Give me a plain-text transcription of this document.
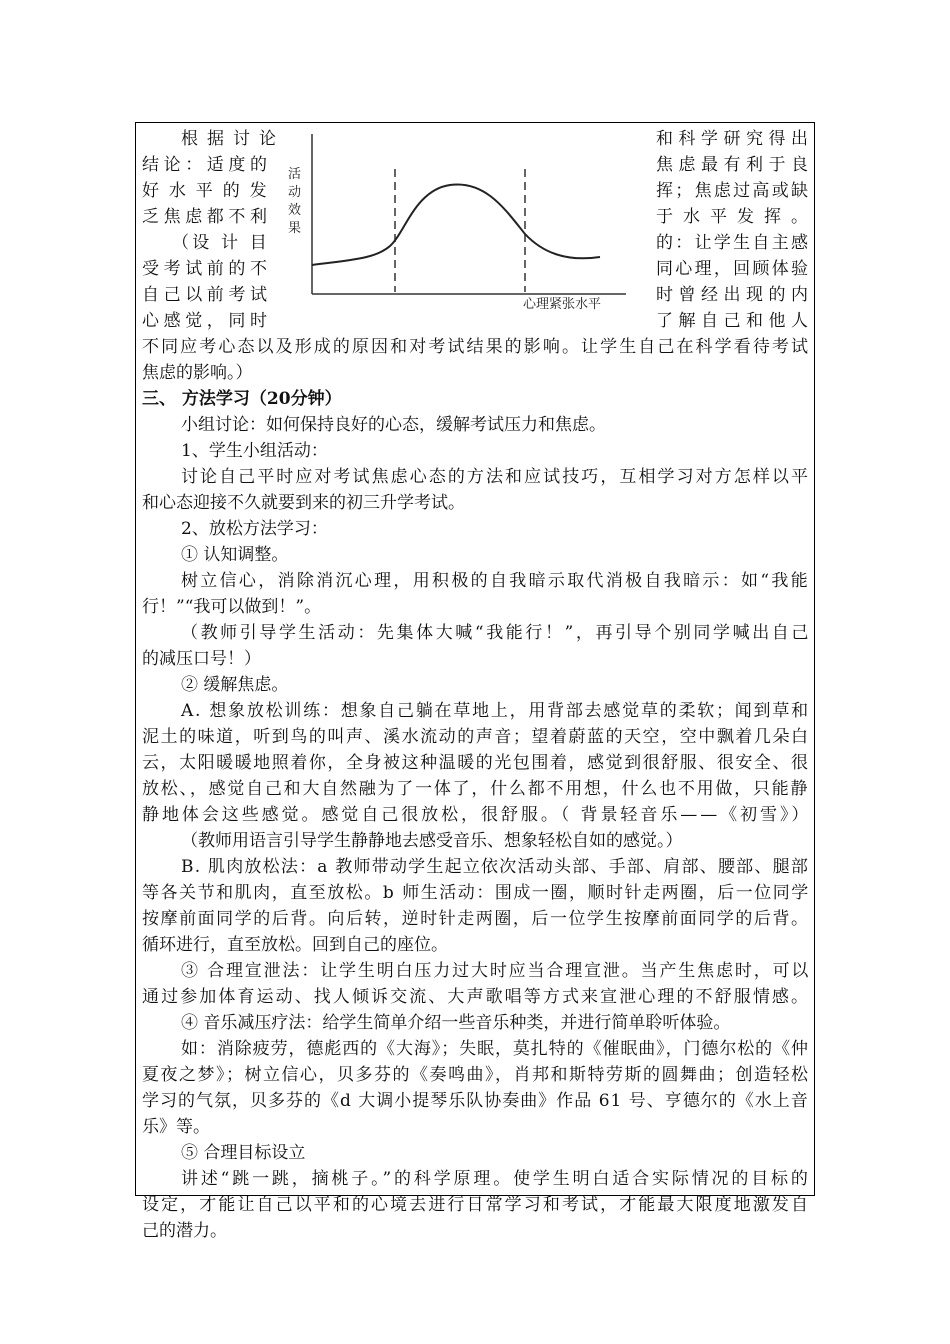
活
动
效
果
心理紧张水平
根据讨论
结论：适度的
好 水 平 的 发
乏焦虑都不利
（设 计 目
受考试前的不
自己以前考试
心感觉，同时
和科学研究得出
焦虑最有利于良
挥；焦虑过高或缺
于水平发挥。
的：让学生自主感
同心理，回顾体验
时曾经出现的内
了解自己和他人
不同应考心态以及形成的原因和对考试结果的影响。让学生自己在科学看待考试
焦虑的影响。）
三、 方法学习（20分钟）
小组讨论：如何保持良好的心态，缓解考试压力和焦虑。
1、学生小组活动：
讨论自己平时应对考试焦虑心态的方法和应试技巧，互相学习对方怎样以平
和心态迎接不久就要到来的初三升学考试。
2、放松方法学习：
① 认知调整。
树立信心，消除消沉心理，用积极的自我暗示取代消极自我暗示：如“我能
行！”“我可以做到！”。
（教师引导学生活动：先集体大喊“我能行！”，再引导个别同学喊出自己
的减压口号！）
② 缓解焦虑。
A. 想象放松训练：想象自己躺在草地上，用背部去感觉草的柔软；闻到草和
泥土的味道，听到鸟的叫声、溪水流动的声音；望着蔚蓝的天空，空中飘着几朵白
云，太阳暖暖地照着你，全身被这种温暖的光包围着，感觉到很舒服、很安全、很
放松、，感觉自己和大自然融为了一体了，什么都不用想，什么也不用做，只能静
静地体会这些感觉。感觉自己很放松，很舒服。（ 背景轻音乐——《初雪》）
（教师用语言引导学生静静地去感受音乐、想象轻松自如的感觉。）
B. 肌肉放松法：a 教师带动学生起立依次活动头部、手部、肩部、腰部、腿部
等各关节和肌肉，直至放松。b 师生活动：围成一圈，顺时针走两圈，后一位同学
按摩前面同学的后背。向后转，逆时针走两圈，后一位学生按摩前面同学的后背。
循环进行，直至放松。回到自己的座位。
③ 合理宣泄法：让学生明白压力过大时应当合理宣泄。当产生焦虑时，可以
通过参加体育运动、找人倾诉交流、大声歌唱等方式来宣泄心理的不舒服情感。
④ 音乐减压疗法：给学生简单介绍一些音乐种类，并进行简单聆听体验。
如：消除疲劳，德彪西的《大海》；失眠，莫扎特的《催眠曲》，门德尔松的《仲
夏夜之梦》；树立信心，贝多芬的《奏鸣曲》，肖邦和斯特劳斯的圆舞曲；创造轻松
学习的气氛，贝多芬的《d 大调小提琴乐队协奏曲》作品 61 号、亨德尔的《水上音
乐》等。
⑤ 合理目标设立
讲述“跳一跳，摘桃子。”的科学原理。使学生明白适合实际情况的目标的
设定，才能让自己以平和的心境去进行日常学习和考试，才能最大限度地激发自
己的潜力。
